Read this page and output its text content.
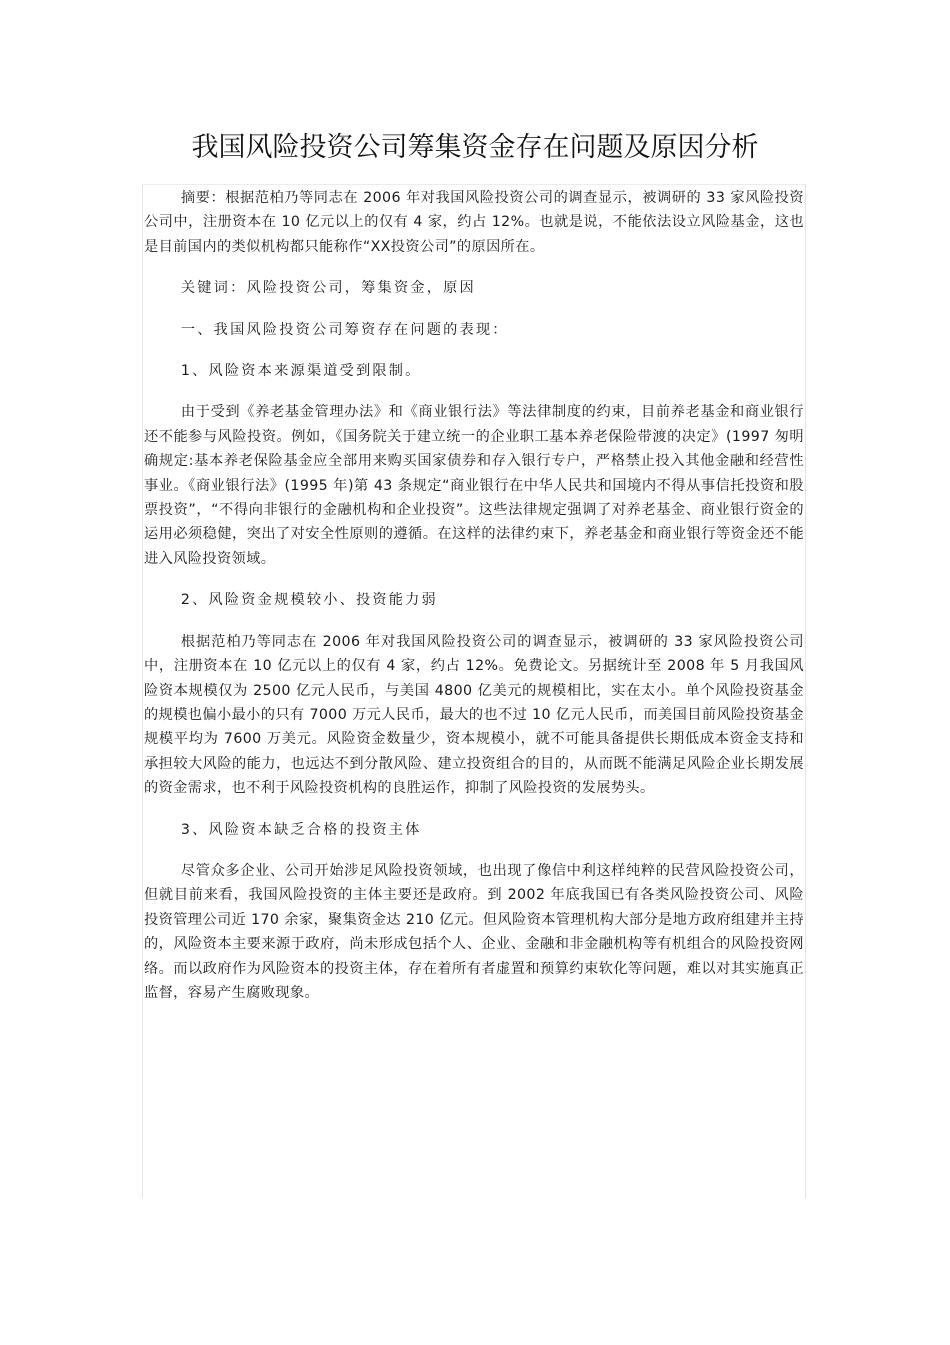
我国风险投资公司筹集资金存在问题及原因分析

摘要：根据范柏乃等同志在 2006 年对我国风险投资公司的调查显示，被调研的 33 家风险投资公司中，注册资本在 10 亿元以上的仅有 4 家，约占 12%。也就是说，不能依法设立风险基金，这也是目前国内的类似机构都只能称作“XX投资公司”的原因所在。

关键词：风险投资公司，筹集资金，原因

一、我国风险投资公司筹资存在问题的表现：

1、风险资本来源渠道受到限制。

由于受到《养老基金管理办法》和《商业银行法》等法律制度的约束，目前养老基金和商业银行还不能参与风险投资。例如，《国务院关于建立统一的企业职工基本养老保险带渡的决定》(1997 匆明确规定:基本养老保险基金应全部用来购买国家债券和存入银行专户，严格禁止投入其他金融和经营性事业。《商业银行法》(1995 年)第 43 条规定“商业银行在中华人民共和国境内不得从事信托投资和股票投资”，“不得向非银行的金融机构和企业投资”。这些法律规定强调了对养老基金、商业银行资金的运用必须稳健，突出了对安全性原则的遵循。在这样的法律约束下，养老基金和商业银行等资金还不能进入风险投资领域。

2、风险资金规模较小、投资能力弱

根据范柏乃等同志在 2006 年对我国风险投资公司的调查显示，被调研的 33 家风险投资公司中，注册资本在 10 亿元以上的仅有 4 家，约占 12%。免费论文。另据统计至 2008 年 5 月我国风险资本规模仅为 2500 亿元人民币，与美国 4800 亿美元的规模相比，实在太小。单个风险投资基金的规模也偏小最小的只有 7000 万元人民币，最大的也不过 10 亿元人民币，而美国目前风险投资基金规模平均为 7600 万美元。风险资金数量少，资本规模小，就不可能具备提供长期低成本资金支持和承担较大风险的能力，也远达不到分散风险、建立投资组合的目的，从而既不能满足风险企业长期发展的资金需求，也不利于风险投资机构的良胜运作，抑制了风险投资的发展势头。

3、风险资本缺乏合格的投资主体

尽管众多企业、公司开始涉足风险投资领域，也出现了像信中利这样纯粹的民营风险投资公司，但就目前来看，我国风险投资的主体主要还是政府。到 2002 年底我国已有各类风险投资公司、风险投资管理公司近 170 余家，聚集资金达 210 亿元。但风险资本管理机构大部分是地方政府组建并主持的，风险资本主要来源于政府，尚未形成包括个人、企业、金融和非金融机构等有机组合的风险投资网络。而以政府作为风险资本的投资主体，存在着所有者虚置和预算约束软化等问题，难以对其实施真正监督，容易产生腐败现象。
